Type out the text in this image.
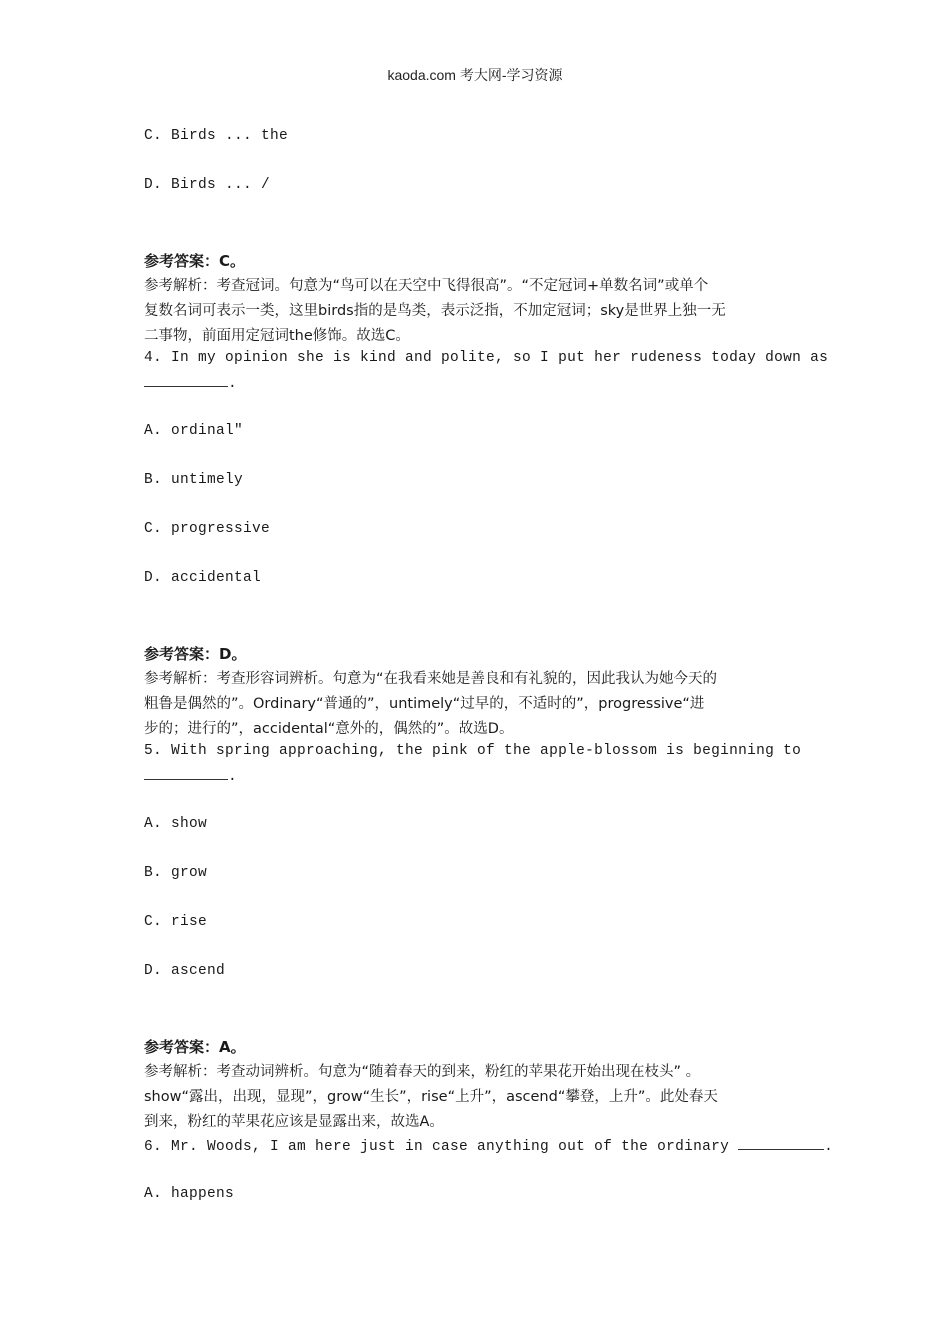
kaoda.com 考大网-学习资源
C. Birds ... the
D. Birds ... /
参考答案：C。
参考解析：考查冠词。句意为“鸟可以在天空中飞得很高”。“不定冠词+单数名词”或单个
复数名词可表示一类，这里birds指的是鸟类，表示泛指，不加定冠词；sky是世界上独一无
二事物，前面用定冠词the修饰。故选C。
4. In my opinion she is kind and polite, so I put her rudeness today down as
.
A. ordinal″
B. untimely
C. progressive
D. accidental
参考答案：D。
参考解析：考查形容词辨析。句意为“在我看来她是善良和有礼貌的，因此我认为她今天的
粗鲁是偶然的”。Ordinary“普通的”，untimely“过早的，不适时的”，progressive“进
步的；进行的”，accidental“意外的，偶然的”。故选D。
5. With spring approaching, the pink of the apple-blossom is beginning to
.
A. show
B. grow
C. rise
D. ascend
参考答案：A。
参考解析：考查动词辨析。句意为“随着春天的到来，粉红的苹果花开始出现在枝头” 。
show“露出，出现，显现”，grow“生长”，rise“上升”，ascend“攀登，上升”。此处春天
到来，粉红的苹果花应该是显露出来，故选A。
6. Mr. Woods, I am here just in case anything out of the ordinary	.
A. happens
